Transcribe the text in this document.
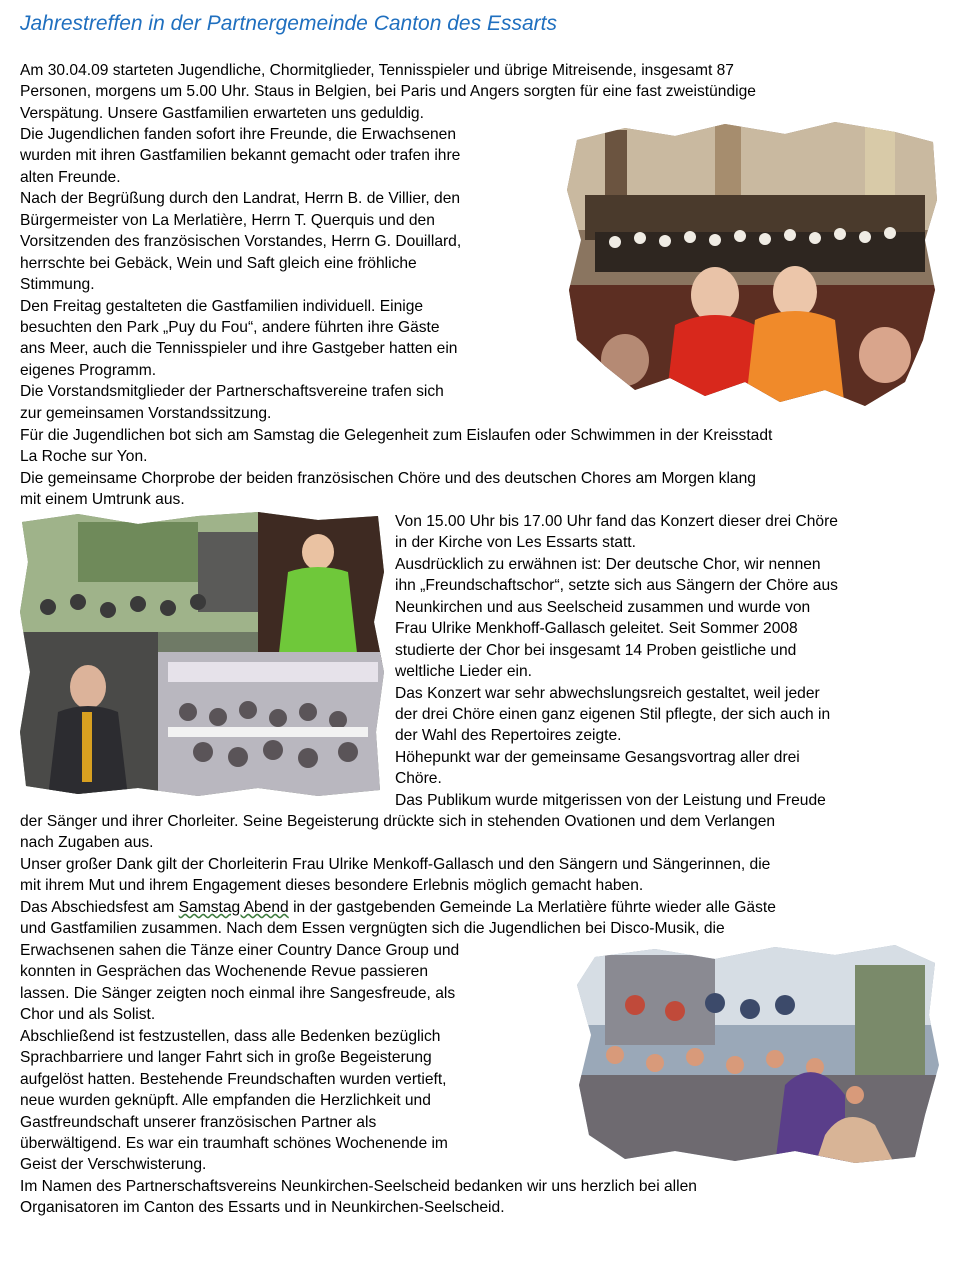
Jahrestreffen in der Partnergemeinde Canton des Essarts
Am 30.04.09 starteten Jugendliche, Chormitglieder, Tennisspieler und übrige Mitreisende, insgesamt 87
Personen, morgens um 5.00 Uhr. Staus in Belgien, bei Paris und Angers sorgten für eine fast zweistündige
Verspätung. Unsere Gastfamilien erwarteten uns geduldig.
Die Jugendlichen fanden sofort ihre Freunde, die Erwachsenen
wurden mit ihren Gastfamilien bekannt gemacht oder trafen ihre
alten Freunde.
Nach der Begrüßung durch den Landrat, Herrn B. de Villier, den
Bürgermeister von La Merlatière, Herrn T. Querquis und den
Vorsitzenden des französischen Vorstandes, Herrn G. Douillard,
herrschte bei Gebäck, Wein und Saft gleich eine fröhliche
Stimmung.
Den Freitag gestalteten die Gastfamilien individuell. Einige
besuchten den Park „Puy du Fou“, andere führten ihre Gäste
ans Meer, auch die Tennisspieler und ihre Gastgeber hatten ein
eigenes Programm.
Die Vorstandsmitglieder der Partnerschaftsvereine trafen sich
zur gemeinsamen Vorstandssitzung.
Für die Jugendlichen bot sich am Samstag die Gelegenheit zum Eislaufen oder Schwimmen in der Kreisstadt
La Roche sur Yon.
Die gemeinsame Chorprobe der beiden französischen Chöre und des deutschen Chores am Morgen klang
mit einem Umtrunk aus.
Von 15.00 Uhr bis 17.00 Uhr fand das Konzert dieser drei Chöre
in der Kirche von Les Essarts statt.
Ausdrücklich zu erwähnen ist: Der deutsche Chor, wir nennen
ihn „Freundschaftschor“, setzte sich aus Sängern der Chöre aus
Neunkirchen und aus Seelscheid zusammen und wurde von
Frau Ulrike Menkhoff-Gallasch geleitet. Seit Sommer 2008
studierte der Chor bei insgesamt 14 Proben geistliche und
weltliche Lieder ein.
Das Konzert war sehr abwechslungsreich gestaltet, weil jeder
der drei Chöre einen ganz eigenen Stil pflegte, der sich auch in
der Wahl des Repertoires zeigte.
Höhepunkt war der gemeinsame Gesangsvortrag aller drei
Chöre.
Das Publikum wurde mitgerissen von der Leistung und Freude
der Sänger und ihrer Chorleiter. Seine Begeisterung drückte sich in stehenden Ovationen und dem Verlangen
nach Zugaben aus.
Unser großer Dank gilt der Chorleiterin Frau Ulrike Menkoff-Gallasch und den Sängern und Sängerinnen, die
mit ihrem Mut und ihrem Engagement dieses besondere Erlebnis möglich gemacht haben.
Das Abschiedsfest am Samstag Abend in der gastgebenden Gemeinde La Merlatière führte wieder alle Gäste
und Gastfamilien zusammen. Nach dem Essen vergnügten sich die Jugendlichen bei Disco-Musik, die
Erwachsenen sahen die Tänze einer Country Dance Group und
konnten in Gesprächen das Wochenende Revue passieren
lassen. Die Sänger zeigten noch einmal ihre Sangesfreude, als
Chor und als Solist.
Abschließend ist festzustellen, dass alle Bedenken bezüglich
Sprachbarriere und langer Fahrt sich in große Begeisterung
aufgelöst hatten. Bestehende Freundschaften wurden vertieft,
neue wurden geknüpft. Alle empfanden die Herzlichkeit und
Gastfreundschaft unserer französischen Partner als
überwältigend. Es war ein traumhaft schönes Wochenende im
Geist der Verschwisterung.
Im Namen des Partnerschaftsvereins Neunkirchen-Seelscheid bedanken wir uns herzlich bei allen
Organisatoren im Canton des Essarts und in Neunkirchen-Seelscheid.
